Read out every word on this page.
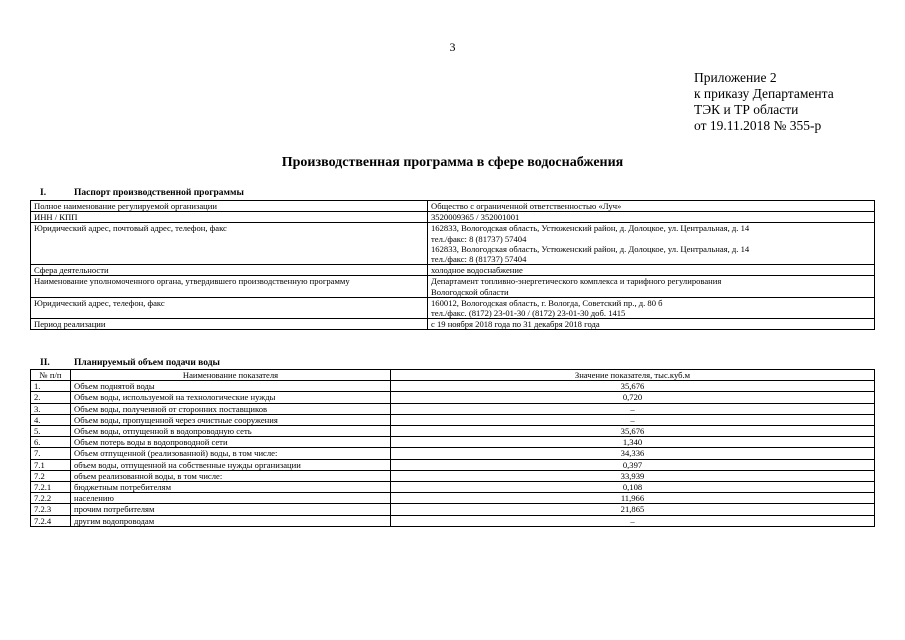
3
Приложение 2
к приказу Департамента
ТЭК и ТР области
от 19.11.2018 № 355-р
Производственная программа в сфере водоснабжения
I.	Паспорт производственной программы
Полное наименование регулируемой организации	Общество с ограниченной ответственностью «Луч»

ИНН / КПП	3520009365 / 352001001

Юридический адрес, почтовый адрес, телефон, факс	162833, Вологодская область, Устюженский район, д. Долоцкое, ул. Центральная, д. 14
тел./факс: 8 (81737) 57404
162833, Вологодская область, Устюженский район, д. Долоцкое, ул. Центральная, д. 14
тел./факс: 8 (81737) 57404

Сфера деятельности	холодное водоснабжение

Наименование уполномоченного органа, утвердившего производственную программу	Департамент топливно-энергетического комплекса и тарифного регулирования
Вологодской области

Юридический адрес, телефон, факс	160012, Вологодская область, г. Вологда, Советский пр., д. 80 б
тел./факс. (8172) 23-01-30 / (8172) 23-01-30 доб. 1415

Период реализации	с 19 ноября 2018 года по 31 декабря 2018 года
II.	Планируемый объем подачи воды
№ п/п	Наименование показателя	Значение показателя, тыс.куб.м
1.	Объем поднятой воды	35,676
2.	Объем воды, используемой на технологические нужды	0,720
3.	Объем воды, полученной от сторонних поставщиков	–
4.	Объем воды, пропущенной через очистные сооружения	–
5.	Объем воды, отпущенной в водопроводную сеть	35,676
6.	Объем потерь воды в водопроводной сети	1,340
7.	Объем отпущенной (реализованной) воды, в том числе:	34,336
7.1	объем воды, отпущенной на собственные нужды организации	0,397
7.2	объем реализованной воды, в том числе:	33,939
7.2.1	бюджетным потребителям	0,108
7.2.2	населению	11,966
7.2.3	прочим потребителям	21,865
7.2.4	другим водопроводам	–
